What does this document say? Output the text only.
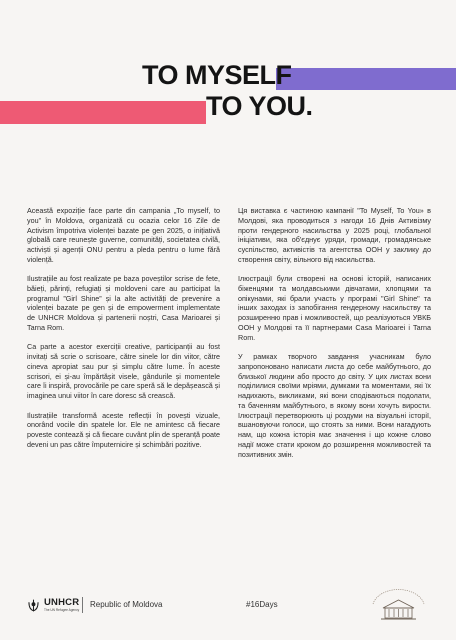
TO MYSELF
TO YOU.

Această expoziție face parte din campania „To myself, to you” în Moldova, organizată cu ocazia celor 16 Zile de Activism împotriva violenței bazate pe gen 2025, o inițiativă globală care reunește guverne, comunități, societatea civilă, activiști și agenții ONU pentru a pleda pentru o lume fără violență.

Ilustrațiile au fost realizate pe baza poveștilor scrise de fete, băieți, părinți, refugiați și moldoveni care au participat la programul ”Girl Shine” și la alte activități de prevenire a violenței bazate pe gen și de empowerment implementate de UNHCR Moldova și partenerii noștri, Casa Marioarei și Tarna Rom.

Ca parte a acestor exerciții creative, participanții au fost invitați să scrie o scrisoare, către sinele lor din viitor, către cineva apropiat sau pur și simplu către lume. În aceste scrisori, ei și-au împărtășit visele, gândurile și momentele care îi inspiră, provocările pe care speră să le depășească și imaginea unui viitor în care doresc să crească.

Ilustrațiile transformă aceste reflecții în povești vizuale, onorând vocile din spatele lor. Ele ne amintesc că fiecare poveste contează și că fiecare cuvânt plin de speranță poate deveni un pas către împuternicire și schimbări pozitive.

Ця виставка є частиною кампанії "To Myself, To You» в Молдові, яка проводиться з нагоди 16 Днів Активізму проти гендерного насильства у 2025 році, глобальної ініціативи, яка об'єднує уряди, громади, громадянське суспільство, активістів та агентства ООН у заклику до створення світу, вільного від насильства.

Ілюстрації були створені на основі історій, написаних біженцями та молдавськими дівчатами, хлопцями та опікунами, які брали участь у програмі "Girl Shine" та інших заходах із запобігання гендерному насильству та розширенню прав і можливостей, що реалізуються УВКБ ООН у Молдові та її партнерами Casa Marioarei і Tarna Rom.

У рамках творчого завдання учасникам було запропоновано написати листа до себе майбутнього, до близької людини або просто до світу. У цих листах вони поділилися своїми мріями, думками та моментами, які їх надихають, викликами, які вони сподіваються подолати, та баченням майбутнього, в якому вони хочуть вирости. Ілюстрації перетворюють ці роздуми на візуальні історії, вшановуючи голоси, що стоять за ними. Вони нагадують нам, що кожна історія має значення і що кожне слово надії може стати кроком до розширення можливостей та позитивних змін.

UNHCR
The UN Refugee Agency
Republic of Moldova	#16Days
